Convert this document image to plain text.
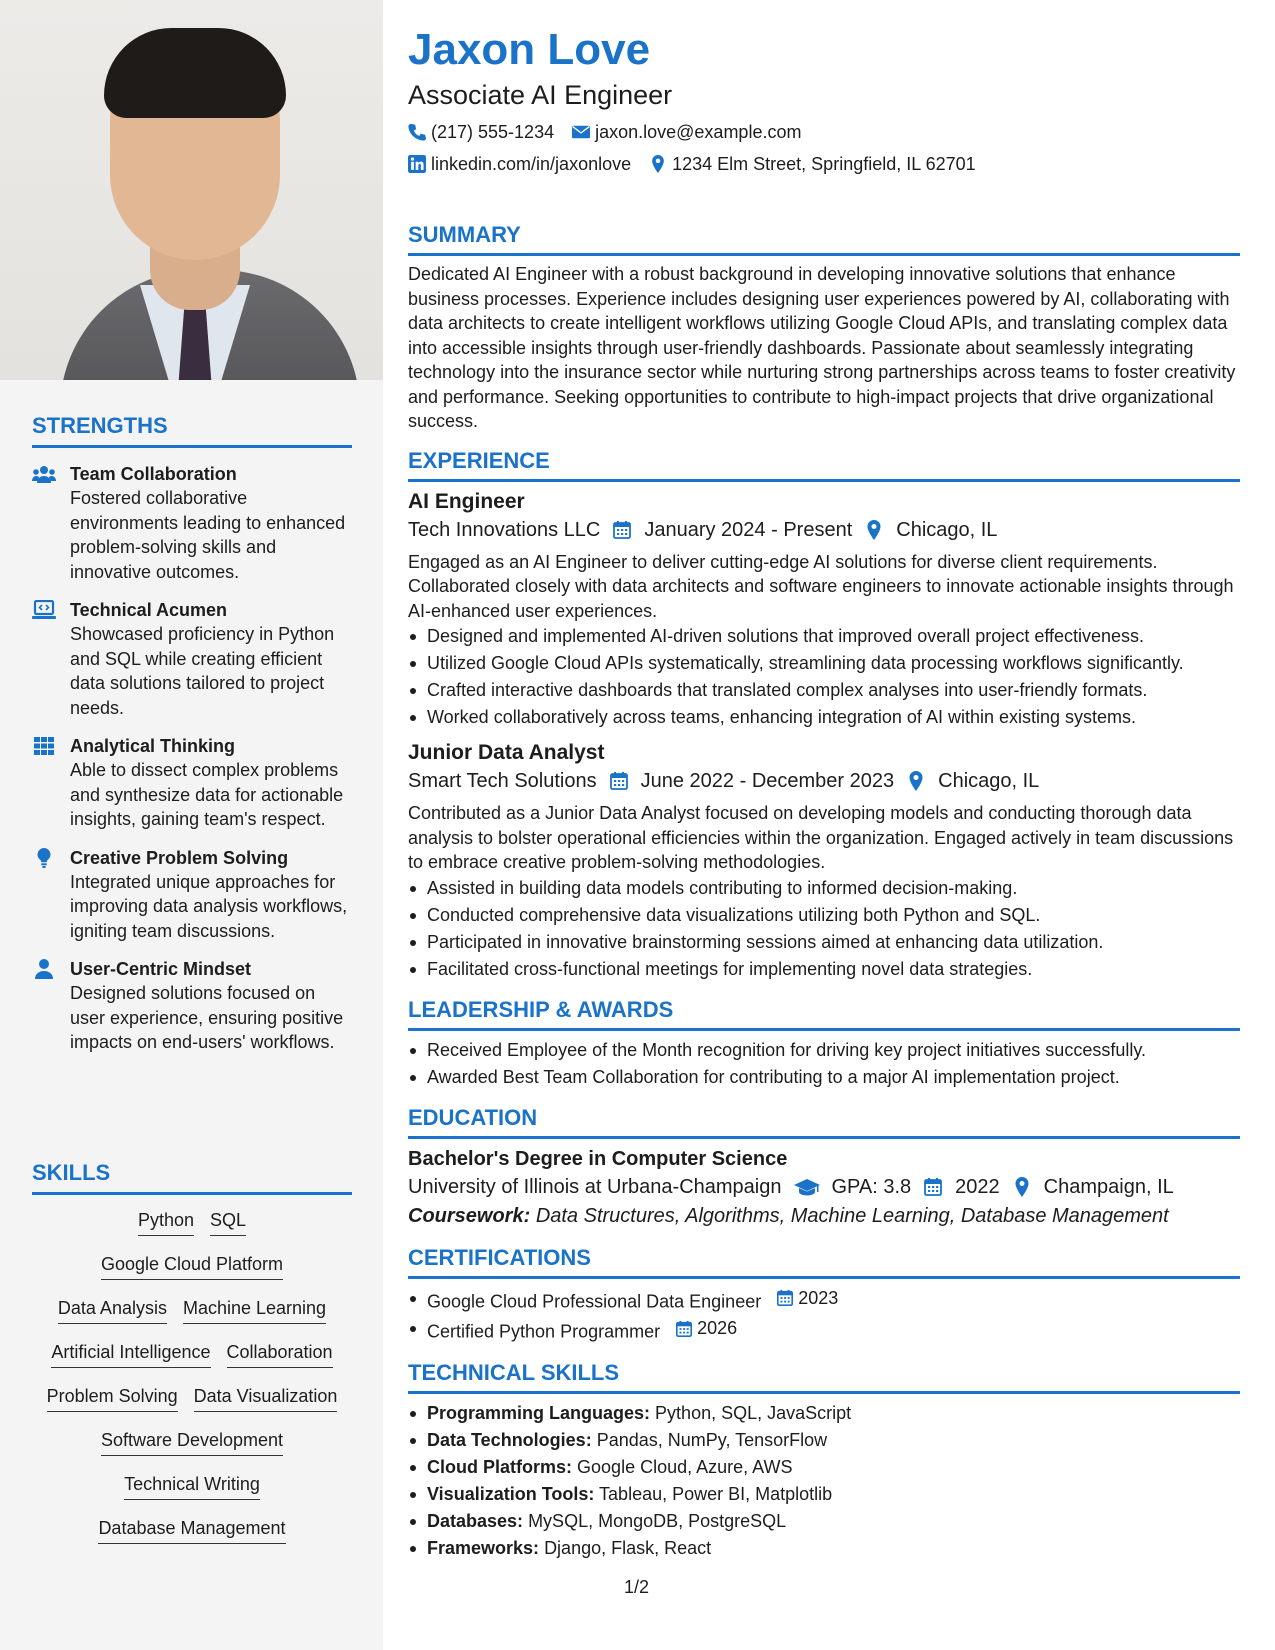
STRENGTHS
Team Collaboration
Fostered collaborative environments leading to enhanced problem-solving skills and innovative outcomes.
Technical Acumen
Showcased proficiency in Python and SQL while creating efficient data solutions tailored to project needs.
Analytical Thinking
Able to dissect complex problems and synthesize data for actionable insights, gaining team's respect.
Creative Problem Solving
Integrated unique approaches for improving data analysis workflows, igniting team discussions.
User-Centric Mindset
Designed solutions focused on user experience, ensuring positive impacts on end-users' workflows.
SKILLS
Python SQL
Google Cloud Platform
Data Analysis Machine Learning
Artificial Intelligence Collaboration
Problem Solving Data Visualization
Software Development
Technical Writing
Database Management
Jaxon Love
Associate AI Engineer
(217) 555-1234 jaxon.love@example.com
linkedin.com/in/jaxonlove 1234 Elm Street, Springfield, IL 62701
SUMMARY
Dedicated AI Engineer with a robust background in developing innovative solutions that enhance business processes. Experience includes designing user experiences powered by AI, collaborating with data architects to create intelligent workflows utilizing Google Cloud APIs, and translating complex data into accessible insights through user-friendly dashboards. Passionate about seamlessly integrating technology into the insurance sector while nurturing strong partnerships across teams to foster creativity and performance. Seeking opportunities to contribute to high-impact projects that drive organizational success.
EXPERIENCE
AI Engineer
Tech Innovations LLC January 2024 - Present Chicago, IL
Engaged as an AI Engineer to deliver cutting-edge AI solutions for diverse client requirements. Collaborated closely with data architects and software engineers to innovate actionable insights through AI-enhanced user experiences.
Designed and implemented AI-driven solutions that improved overall project effectiveness.
Utilized Google Cloud APIs systematically, streamlining data processing workflows significantly.
Crafted interactive dashboards that translated complex analyses into user-friendly formats.
Worked collaboratively across teams, enhancing integration of AI within existing systems.
Junior Data Analyst
Smart Tech Solutions June 2022 - December 2023 Chicago, IL
Contributed as a Junior Data Analyst focused on developing models and conducting thorough data analysis to bolster operational efficiencies within the organization. Engaged actively in team discussions to embrace creative problem-solving methodologies.
Assisted in building data models contributing to informed decision-making.
Conducted comprehensive data visualizations utilizing both Python and SQL.
Participated in innovative brainstorming sessions aimed at enhancing data utilization.
Facilitated cross-functional meetings for implementing novel data strategies.
LEADERSHIP & AWARDS
Received Employee of the Month recognition for driving key project initiatives successfully.
Awarded Best Team Collaboration for contributing to a major AI implementation project.
EDUCATION
Bachelor's Degree in Computer Science
University of Illinois at Urbana-Champaign	GPA: 3.8 2022 Champaign, IL
Coursework: Data Structures, Algorithms, Machine Learning, Database Management
CERTIFICATIONS
Google Cloud Professional Data Engineer 2023
Certified Python Programmer 2026
TECHNICAL SKILLS
Programming Languages: Python, SQL, JavaScript
Data Technologies: Pandas, NumPy, TensorFlow
Cloud Platforms: Google Cloud, Azure, AWS
Visualization Tools: Tableau, Power BI, Matplotlib
Databases: MySQL, MongoDB, PostgreSQL
Frameworks: Django, Flask, React
1/2
